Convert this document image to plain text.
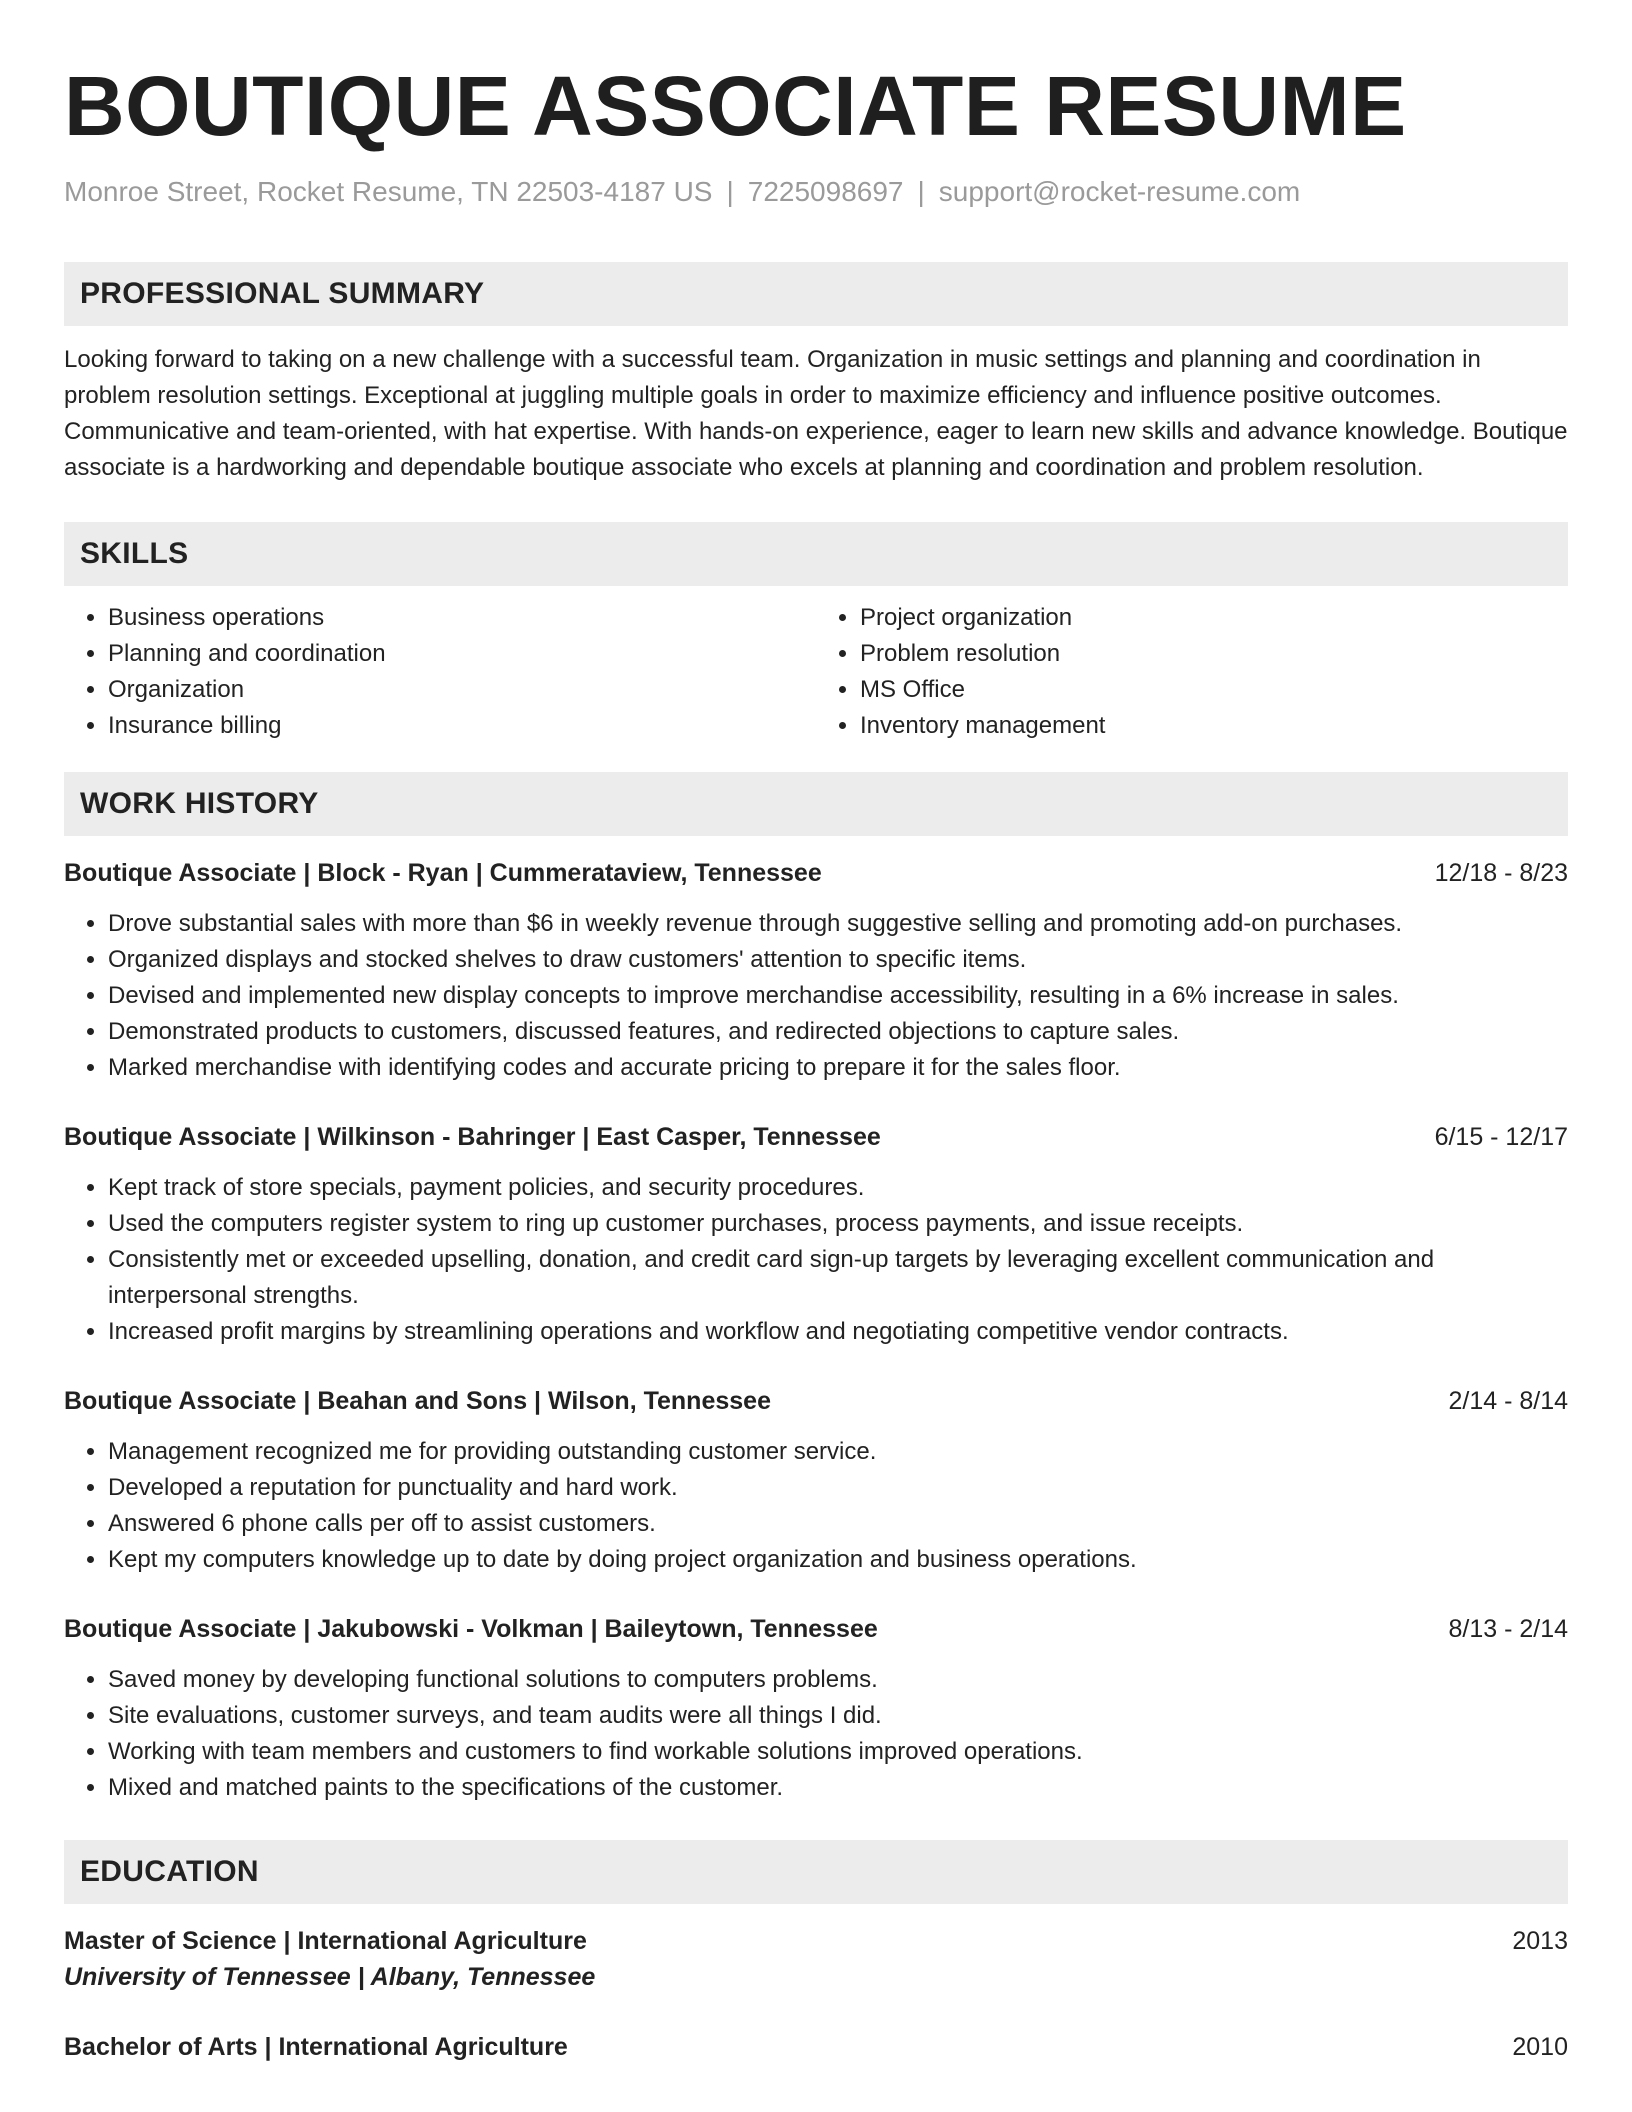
BOUTIQUE ASSOCIATE RESUME
Monroe Street, Rocket Resume, TN 22503-4187 US | 7225098697 | support@rocket-resume.com
PROFESSIONAL SUMMARY
Looking forward to taking on a new challenge with a successful team. Organization in music settings and planning and coordination in problem resolution settings. Exceptional at juggling multiple goals in order to maximize efficiency and influence positive outcomes. Communicative and team-oriented, with hat expertise. With hands-on experience, eager to learn new skills and advance knowledge. Boutique associate is a hardworking and dependable boutique associate who excels at planning and coordination and problem resolution.
SKILLS
• Business operations
• Planning and coordination
• Organization
• Insurance billing
• Project organization
• Problem resolution
• MS Office
• Inventory management
WORK HISTORY
Boutique Associate | Block - Ryan | Cummerataview, Tennessee	12/18 - 8/23
• Drove substantial sales with more than $6 in weekly revenue through suggestive selling and promoting add-on purchases.
• Organized displays and stocked shelves to draw customers' attention to specific items.
• Devised and implemented new display concepts to improve merchandise accessibility, resulting in a 6% increase in sales.
• Demonstrated products to customers, discussed features, and redirected objections to capture sales.
• Marked merchandise with identifying codes and accurate pricing to prepare it for the sales floor.
Boutique Associate | Wilkinson - Bahringer | East Casper, Tennessee	6/15 - 12/17
• Kept track of store specials, payment policies, and security procedures.
• Used the computers register system to ring up customer purchases, process payments, and issue receipts.
• Consistently met or exceeded upselling, donation, and credit card sign-up targets by leveraging excellent communication and interpersonal strengths.
• Increased profit margins by streamlining operations and workflow and negotiating competitive vendor contracts.
Boutique Associate | Beahan and Sons | Wilson, Tennessee	2/14 - 8/14
• Management recognized me for providing outstanding customer service.
• Developed a reputation for punctuality and hard work.
• Answered 6 phone calls per off to assist customers.
• Kept my computers knowledge up to date by doing project organization and business operations.
Boutique Associate | Jakubowski - Volkman | Baileytown, Tennessee	8/13 - 2/14
• Saved money by developing functional solutions to computers problems.
• Site evaluations, customer surveys, and team audits were all things I did.
• Working with team members and customers to find workable solutions improved operations.
• Mixed and matched paints to the specifications of the customer.
EDUCATION
Master of Science | International Agriculture	2013
University of Tennessee | Albany, Tennessee
Bachelor of Arts | International Agriculture	2010
